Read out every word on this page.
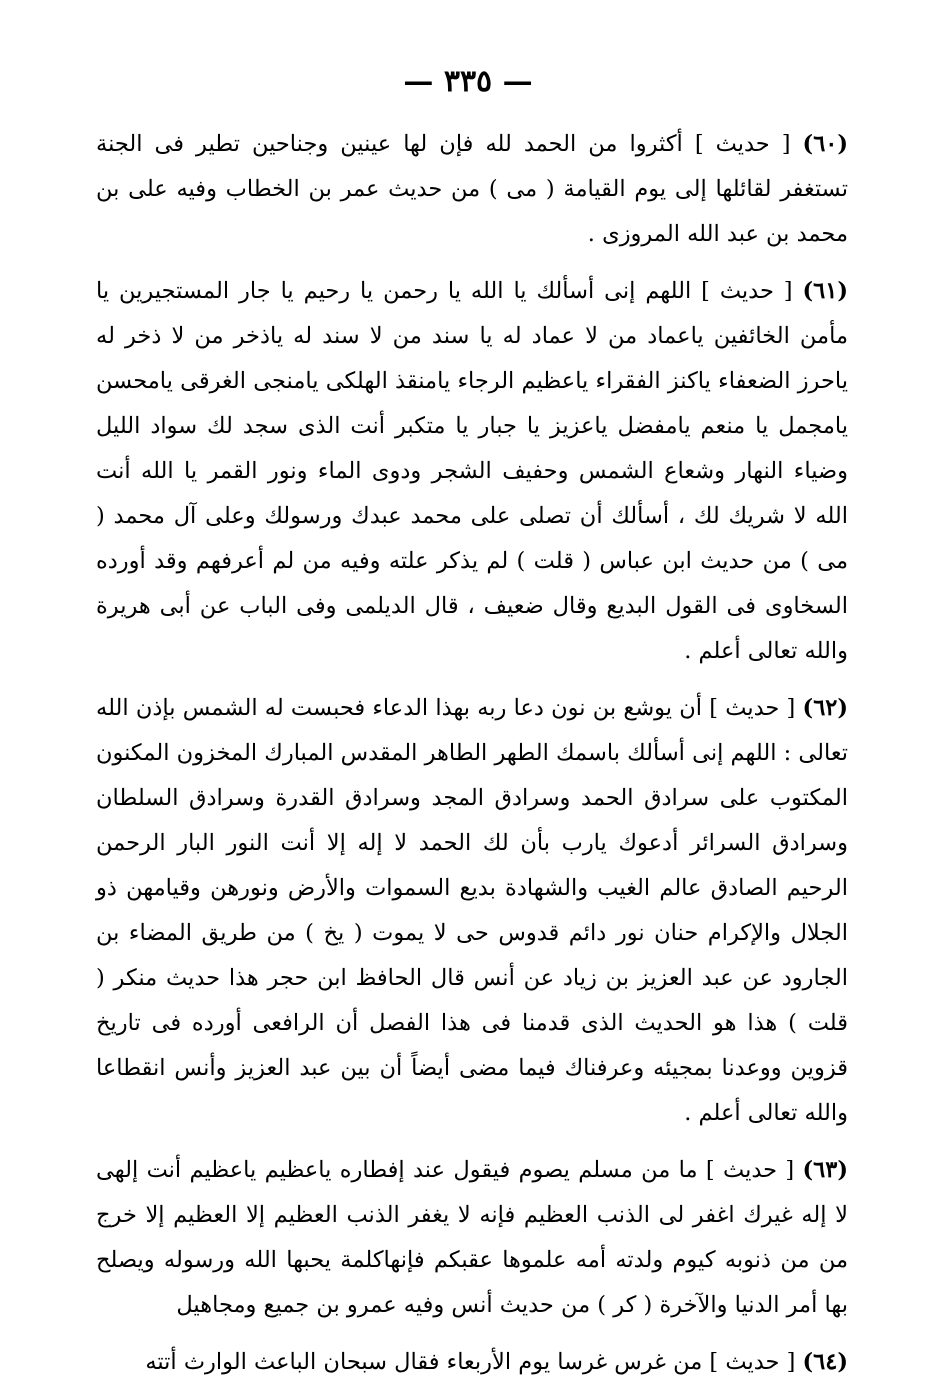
— ٣٣٥ —

(٦٠) [ حديث ] أكثروا من الحمد لله فإن لها عينين وجناحين تطير فى الجنة تستغفر لقائلها إلى يوم القيامة ( مى ) من حديث عمر بن الخطاب وفيه على بن محمد بن عبد الله المروزى .

(٦١) [ حديث ] اللهم إنى أسألك يا الله يا رحمن يا رحيم يا جار المستجيرين يا مأمن الخائفين ياعماد من لا عماد له يا سند من لا سند له ياذخر من لا ذخر له ياحرز الضعفاء ياكنز الفقراء ياعظيم الرجاء يامنقذ الهلكى يامنجى الغرقى يامحسن يامجمل يا منعم يامفضل ياعزيز يا جبار يا متكبر أنت الذى سجد لك سواد الليل وضياء النهار وشعاع الشمس وحفيف الشجر ودوى الماء ونور القمر يا الله أنت الله لا شريك لك ، أسألك أن تصلى على محمد عبدك ورسولك وعلى آل محمد ( مى ) من حديث ابن عباس ( قلت ) لم يذكر علته وفيه من لم أعرفهم وقد أورده السخاوى فى القول البديع وقال ضعيف ، قال الديلمى وفى الباب عن أبى هريرة والله تعالى أعلم .

(٦٢) [ حديث ] أن يوشع بن نون دعا ربه بهذا الدعاء فحبست له الشمس بإذن الله تعالى : اللهم إنى أسألك باسمك الطهر الطاهر المقدس المبارك المخزون المكنون المكتوب على سرادق الحمد وسرادق المجد وسرادق القدرة وسرادق السلطان وسرادق السرائر أدعوك يارب بأن لك الحمد لا إله إلا أنت النور البار الرحمن الرحيم الصادق عالم الغيب والشهادة بديع السموات والأرض ونورهن وقيامهن ذو الجلال والإكرام حنان نور دائم قدوس حى لا يموت ( يخ ) من طريق المضاء بن الجارود عن عبد العزيز بن زياد عن أنس قال الحافظ ابن حجر هذا حديث منكر ( قلت ) هذا هو الحديث الذى قدمنا فى هذا الفصل أن الرافعى أورده فى تاريخ قزوين ووعدنا بمجيئه وعرفناك فيما مضى أيضاً أن بين عبد العزيز وأنس انقطاعا والله تعالى أعلم .

(٦٣) [ حديث ] ما من مسلم يصوم فيقول عند إفطاره ياعظيم ياعظيم أنت إلهى لا إله غيرك اغفر لى الذنب العظيم فإنه لا يغفر الذنب العظيم إلا العظيم إلا خرج من من ذنوبه كيوم ولدته أمه علموها عقبكم فإنهاكلمة يحبها الله ورسوله ويصلح بها أمر الدنيا والآخرة ( كر ) من حديث أنس وفيه عمرو بن جميع ومجاهيل

(٦٤) [ حديث ] من غرس غرسا يوم الأربعاء فقال سبحان الباعث الوارث أتته
